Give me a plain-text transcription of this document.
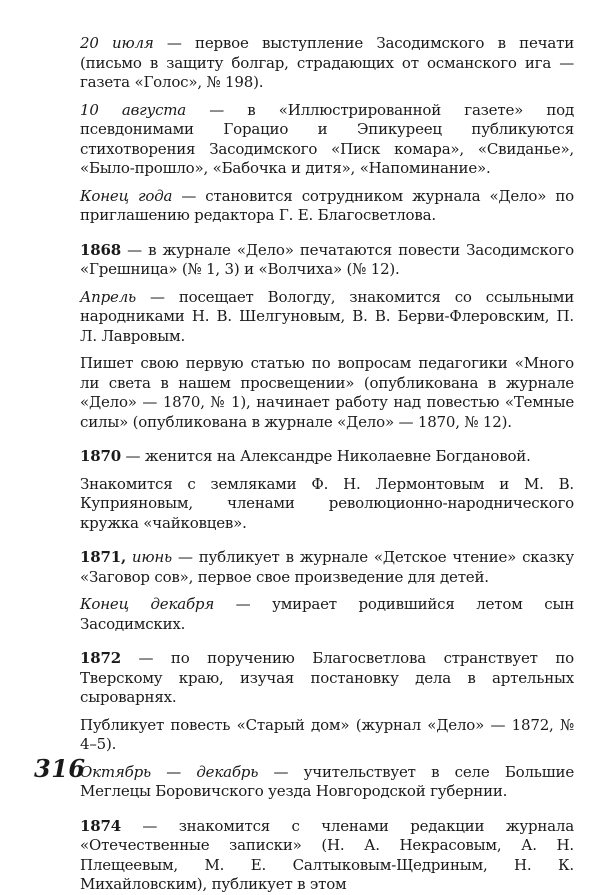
20 июля — первое выступление Засодимского в печати (письмо в защиту болгар, страдающих от османского ига — газета «Голос», № 198).

10 августа — в «Иллюстрированной газете» под псевдонимами Горацио и Эпикуреец публикуются стихотворения Засодимского «Писк комара», «Свиданье», «Было-прошло», «Бабочка и дитя», «Напоминание».

Конец года — становится сотрудником журнала «Дело» по приглашению редактора Г. Е. Благосветлова.

1868 — в журнале «Дело» печатаются повести Засодимского «Грешница» (№ 1, 3) и «Волчиха» (№ 12).

Апрель — посещает Вологду, знакомится со ссыльными народниками Н. В. Шелгуновым, В. В. Берви-Флеровским, П. Л. Лавровым.

Пишет свою первую статью по вопросам педагогики «Много ли света в нашем просвещении» (опубликована в журнале «Дело» — 1870, № 1), начинает работу над повестью «Темные силы» (опубликована в журнале «Дело» — 1870, № 12).

1870 — женится на Александре Николаевне Богдановой.

Знакомится с земляками Ф. Н. Лермонтовым и М. В. Куприяновым, членами революционно-народнического кружка «чайковцев».

1871, июнь — публикует в журнале «Детское чтение» сказку «Заговор сов», первое свое произведение для детей.

Конец декабря — умирает родившийся летом сын Засодимских.

1872 — по поручению Благосветлова странствует по Тверскому краю, изучая постановку дела в артельных сыроварнях.

Публикует повесть «Старый дом» (журнал «Дело» — 1872, № 4–5).

Октябрь — декабрь — учительствует в селе Большие Меглецы Боровичского уезда Новгородской губернии.

1874 — знакомится с членами редакции журнала «Отечественные записки» (Н. А. Некрасовым, А. Н. Плещеевым, М. Е. Салтыковым-Щедриным, Н. К. Михайловским), публикует в этом

316
